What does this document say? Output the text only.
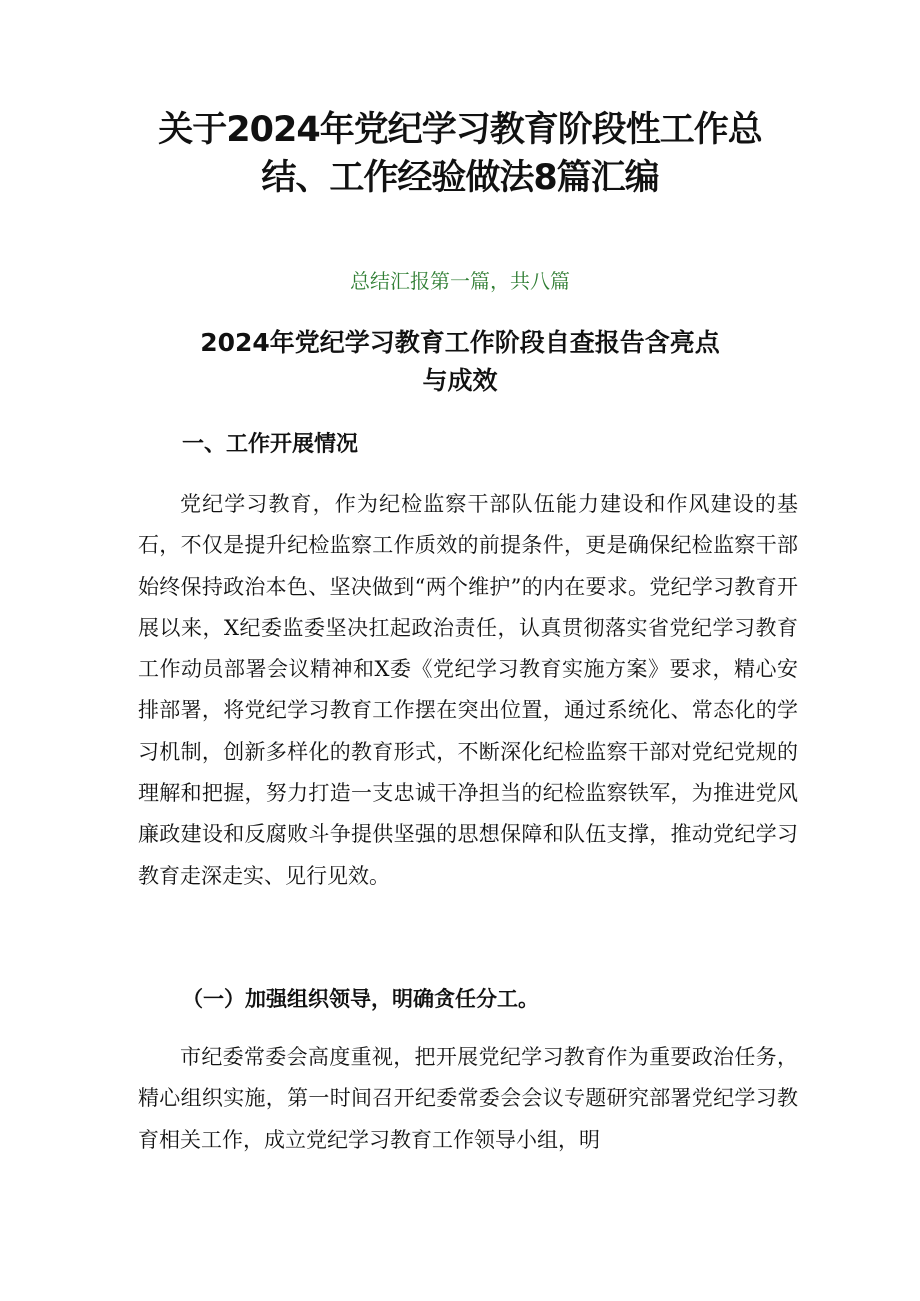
关于2024年党纪学习教育阶段性工作总
结、工作经验做法8篇汇编

总结汇报第一篇，共八篇

2024年党纪学习教育工作阶段自查报告含亮点
与成效
一、工作开展情况

党纪学习教育，作为纪检监察干部队伍能力建设和作风建设的基石，不仅是提升纪检监察工作质效的前提条件，更是确保纪检监察干部始终保持政治本色、坚决做到“两个维护”的内在要求。党纪学习教育开展以来，X纪委监委坚决扛起政治责任，认真贯彻落实省党纪学习教育工作动员部署会议精神和X委《党纪学习教育实施方案》要求，精心安排部署，将党纪学习教育工作摆在突出位置，通过系统化、常态化的学习机制，创新多样化的教育形式，不断深化纪检监察干部对党纪党规的理解和把握，努力打造一支忠诚干净担当的纪检监察铁军，为推进党风廉政建设和反腐败斗争提供坚强的思想保障和队伍支撑，推动党纪学习教育走深走实、见行见效。

（一）加强组织领导，明确贪任分工。

市纪委常委会高度重视，把开展党纪学习教育作为重要政治任务，精心组织实施，第一时间召开纪委常委会会议专题研究部署党纪学习教育相关工作，成立党纪学习教育工作领导小组，明
